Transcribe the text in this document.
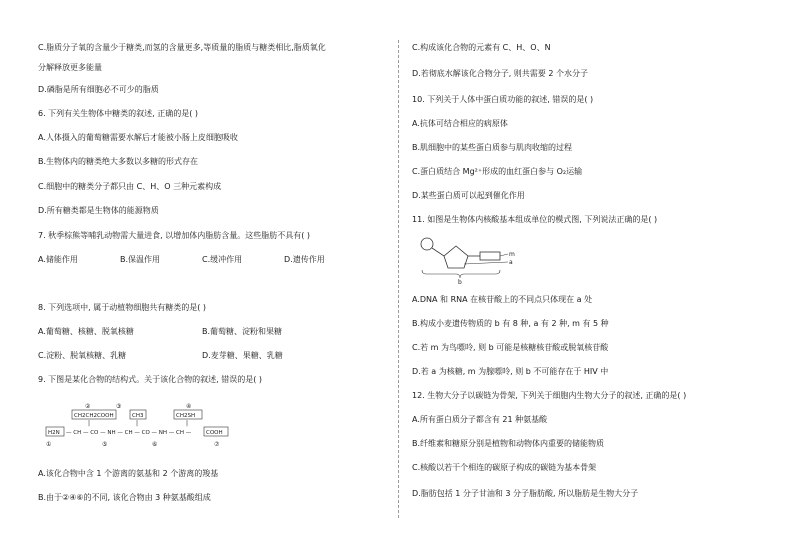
C.脂质分子氧的含量少于糖类,而氢的含量更多,等质量的脂质与糖类相比,脂质氧化
分解释放更多能量
D.磷脂是所有细胞必不可少的脂质
6. 下列有关生物体中糖类的叙述, 正确的是( )
A.人体摄入的葡萄糖需要水解后才能被小肠上皮细胞吸收
B.生物体内的糖类绝大多数以多糖的形式存在
C.细胞中的糖类分子都只由 C、H、O 三种元素构成
D.所有糖类都是生物体的能源物质
7. 秋季棕熊等哺乳动物需大量进食, 以增加体内脂肪含量。这些脂肪不具有( )
A.储能作用	B.保温作用	C.缓冲作用	D.遗传作用
8. 下列选项中, 属于动植物细胞共有糖类的是( )
A.葡萄糖、核糖、脱氧核糖	B.葡萄糖、淀粉和果糖
C.淀粉、脱氧核糖、乳糖	D.麦芽糖、果糖、乳糖
9. 下图是某化合物的结构式。关于该化合物的叙述, 错误的是( )
②	③	④
CH2CH2COOH	CH3	CH2SH
|	|	|
H2N — CH — CO — NH — CH — CO — NH — CH —	COOH
①	⑤	⑥	⑦
A.该化合物中含 1 个游离的氨基和 2 个游离的羧基
B.由于②④⑥的不同, 该化合物由 3 种氨基酸组成
C.构成该化合物的元素有 C、H、O、N
D.若彻底水解该化合物分子, 则共需要 2 个水分子
10. 下列关于人体中蛋白质功能的叙述, 错误的是( )
A.抗体可结合相应的病原体
B.肌细胞中的某些蛋白质参与肌肉收缩的过程
C.蛋白质结合 Mg²⁺形成的血红蛋白参与 O₂运输
D.某些蛋白质可以起到催化作用
11. 如图是生物体内核酸基本组成单位的模式图, 下列说法正确的是( )
m
a
b
A.DNA 和 RNA 在核苷酸上的不同点只体现在 a 处
B.构成小麦遗传物质的 b 有 8 种, a 有 2 种, m 有 5 种
C.若 m 为鸟嘌呤, 则 b 可能是核糖核苷酸或脱氧核苷酸
D.若 a 为核糖, m 为腺嘌呤, 则 b 不可能存在于 HIV 中
12. 生物大分子以碳链为骨架, 下列关于细胞内生物大分子的叙述, 正确的是( )
A.所有蛋白质分子都含有 21 种氨基酸
B.纤维素和糖原分别是植物和动物体内重要的储能物质
C.核酸以若干个相连的碳原子构成的碳链为基本骨架
D.脂肪包括 1 分子甘油和 3 分子脂肪酸, 所以脂肪是生物大分子
